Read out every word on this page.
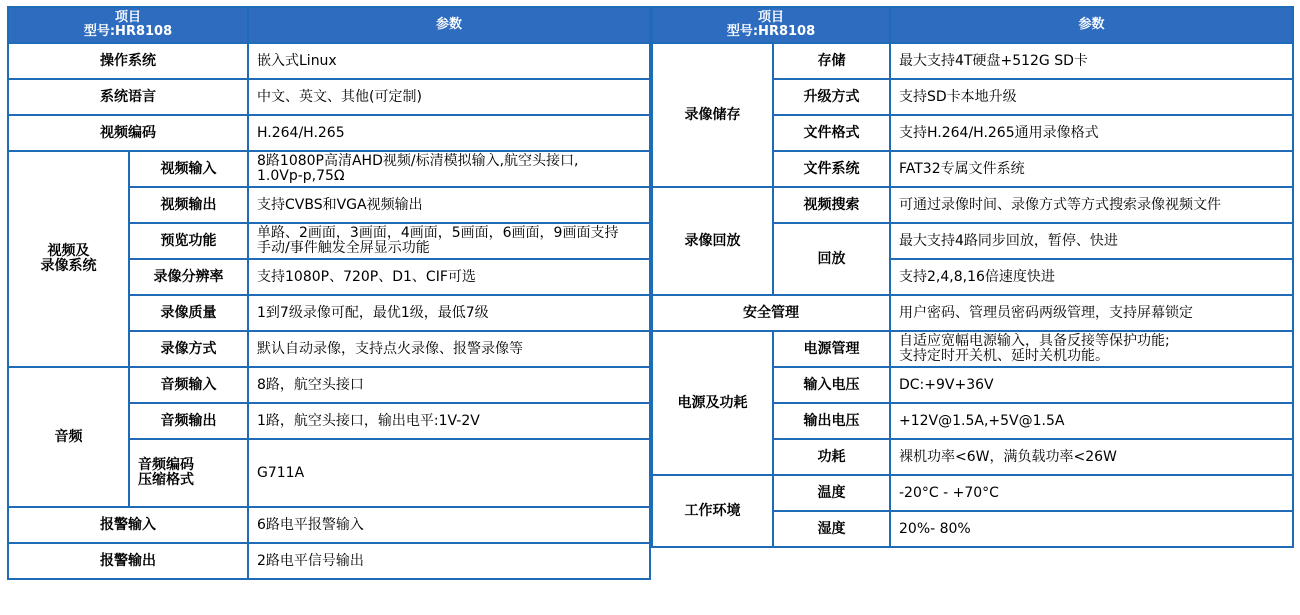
项目
型号:HR8108		参数
操作系统		嵌入式Linux
系统语言		中文、英文、其他(可定制)
视频编码		H.264/H.265

视频及
录像系统	视频输入	8路1080P高清AHD视频/标清模拟输入,航空头接口,
1.0Vp-p,75Ω
	视频输出	支持CVBS和VGA视频输出
	预览功能	单路、2画面，3画面，4画面，5画面，6画面，9画面支持
手动/事件触发全屏显示功能
	录像分辨率	支持1080P、720P、D1、CIF可选
	录像质量	1到7级录像可配，最优1级，最低7级
	录像方式	默认自动录像，支持点火录像、报警录像等
音频	音频输入	8路，航空头接口
	音频输出	1路，航空头接口，输出电平:1V-2V
	音频编码
压缩格式	G711A
报警输入		6路电平报警输入
报警输出		2路电平信号输出
项目
型号:HR8108		参数
录像储存	存储	最大支持4T硬盘+512G SD卡
	升级方式	支持SD卡本地升级
	文件格式	支持H.264/H.265通用录像格式
	文件系统	FAT32专属文件系统
录像回放	视频搜索	可通过录像时间、录像方式等方式搜索录像视频文件
	回放	最大支持4路同步回放，暂停、快进
		支持2,4,8,16倍速度快进
安全管理		用户密码、管理员密码两级管理，支持屏幕锁定
电源及功耗	电源管理	自适应宽幅电源输入，具备反接等保护功能;
支持定时开关机、延时关机功能。
	输入电压	DC:+9V+36V
	输出电压	+12V@1.5A,+5V@1.5A
	功耗	裸机功率<6W，满负载功率<26W
工作环境	温度	-20°C - +70°C
	湿度	20%- 80%
